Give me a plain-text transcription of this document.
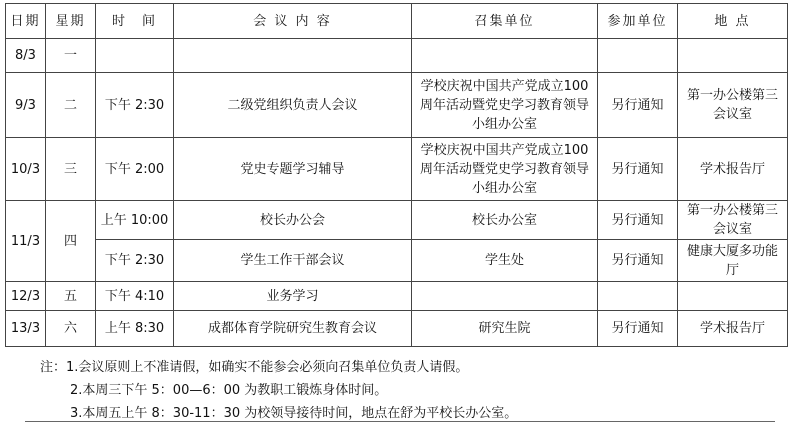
日期	星期	时　间	会 议 内 容	召集单位	参加单位	地 点
8/3	一					
9/3	二	下午 2:30	二级党组织负责人会议	学校庆祝中国共产党成立100周年活动暨党史学习教育领导小组办公室	另行通知	第一办公楼第三会议室
10/3	三	下午 2:00	党史专题学习辅导	学校庆祝中国共产党成立100周年活动暨党史学习教育领导小组办公室	另行通知	学术报告厅
11/3	四	上午 10:00	校长办公会	校长办公室	另行通知	第一办公楼第三会议室
		下午 2:30	学生工作干部会议	学生处	另行通知	健康大厦多功能厅
12/3	五	下午 4:10	业务学习			
13/3	六	上午 8:30	成都体育学院研究生教育会议	研究生院	另行通知	学术报告厅
注：1.会议原则上不准请假，如确实不能参会必须向召集单位负责人请假。
2.本周三下午 5：00—6：00 为教职工锻炼身体时间。
3.本周五上午 8：30-11：30 为校领导接待时间，地点在舒为平校长办公室。
